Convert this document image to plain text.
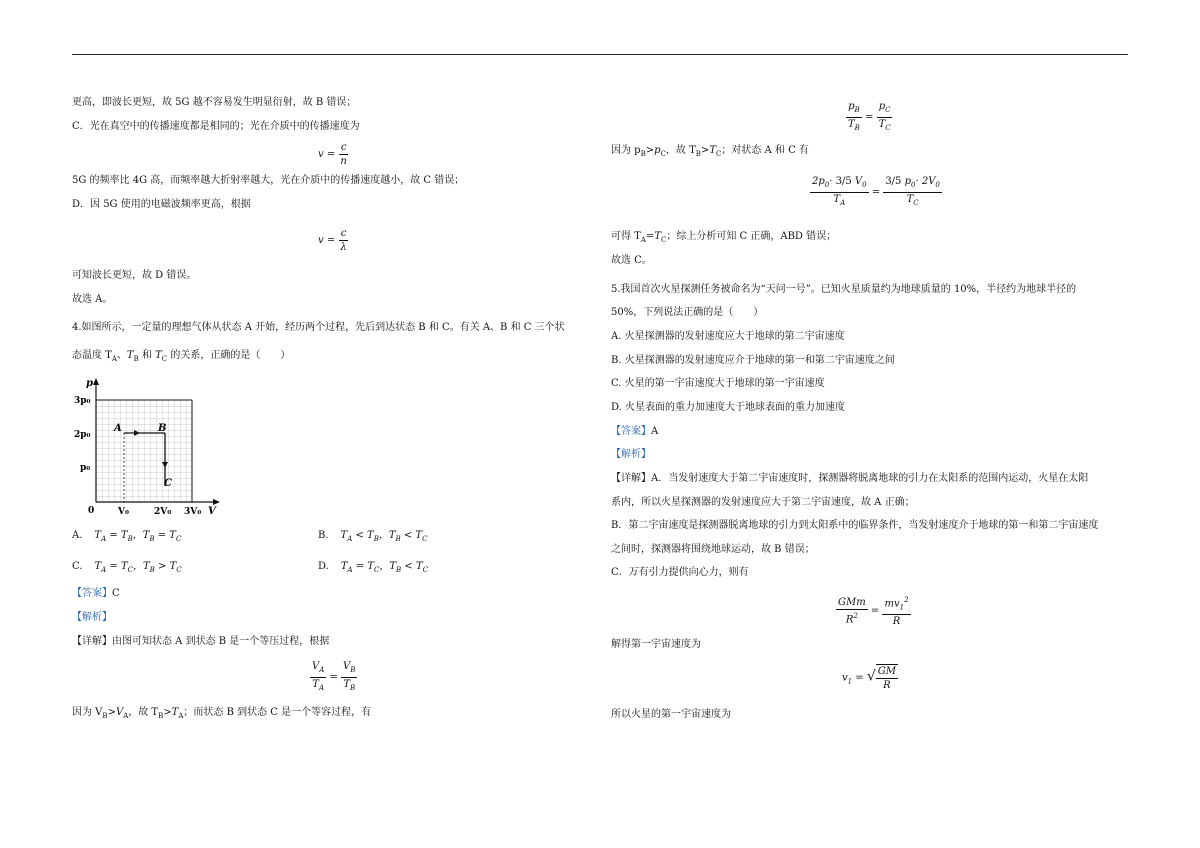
更高，即波长更短，故 5G 越不容易发生明显衍射，故 B 错误；
C．光在真空中的传播速度都是相同的；光在介质中的传播速度为
$v = \frac{c}{n}$
5G 的频率比 4G 高，而频率越大折射率越大，光在介质中的传播速度越小，故 C 错误；
D．因 5G 使用的电磁波频率更高，根据
$v = \frac{c}{\lambda}$
可知波长更短，故 D 错误。
故选 A。
4.如图所示，一定量的理想气体从状态 A 开始，经历两个过程，先后到达状态 B 和 C。有关 A、B 和 C 三个状
态温度 $T_A$、$T_B$ 和 $T_C$ 的关系，正确的是（　　）
p
V
3p₀
2p₀
p₀
0	V₀	2V₀ 3V₀
A	B
C
A. $T_A = T_B$，$T_B = T_C$	B. $T_A < T_B$，$T_B < T_C$
C. $T_A = T_C$，$T_B > T_C$	D. $T_A = T_C$，$T_B < T_C$
【答案】C
【解析】
【详解】由图可知状态 A 到状态 B 是一个等压过程，根据
$\frac{V_A}{T_A} = \frac{V_B}{T_B}$
因为 $V_B>V_A$，故 $T_B>T_A$；而状态 B 到状态 C 是一个等容过程，有
$\frac{p_B}{T_B} = \frac{p_C}{T_C}$
因为 $p_B>p_C$，故 $T_B>T_C$；对状态 A 和 C 有
$\frac{2p_0\cdot 3/5 V_0}{T_A} = \frac{3/5 p_0\cdot 2V_0}{T_C}$
可得 $T_A=T_C$；综上分析可知 C 正确，ABD 错误；
故选 C。
5.我国首次火星探测任务被命名为“天问一号”。已知火星质量约为地球质量的 10%，半径约为地球半径的
50%，下列说法正确的是（　　）
A. 火星探测器的发射速度应大于地球的第二宇宙速度
B. 火星探测器的发射速度应介于地球的第一和第二宇宙速度之间
C. 火星的第一宇宙速度大于地球的第一宇宙速度
D. 火星表面的重力加速度大于地球表面的重力加速度
【答案】A
【解析】
【详解】A．当发射速度大于第二宇宙速度时，探测器将脱离地球的引力在太阳系的范围内运动，火星在太阳
系内，所以火星探测器的发射速度应大于第二宇宙速度，故 A 正确；
B．第二宇宙速度是探测器脱离地球的引力到太阳系中的临界条件，当发射速度介于地球的第一和第二宇宙速度
之间时，探测器将围绕地球运动，故 B 错误；
C．万有引力提供向心力，则有
$\frac{\text{GMm}}{R^2} = \frac{mv_1^2}{R}$
解得第一宇宙速度为
$v_1$ = √ $\frac{GM}{R}$
所以火星的第一宇宙速度为
